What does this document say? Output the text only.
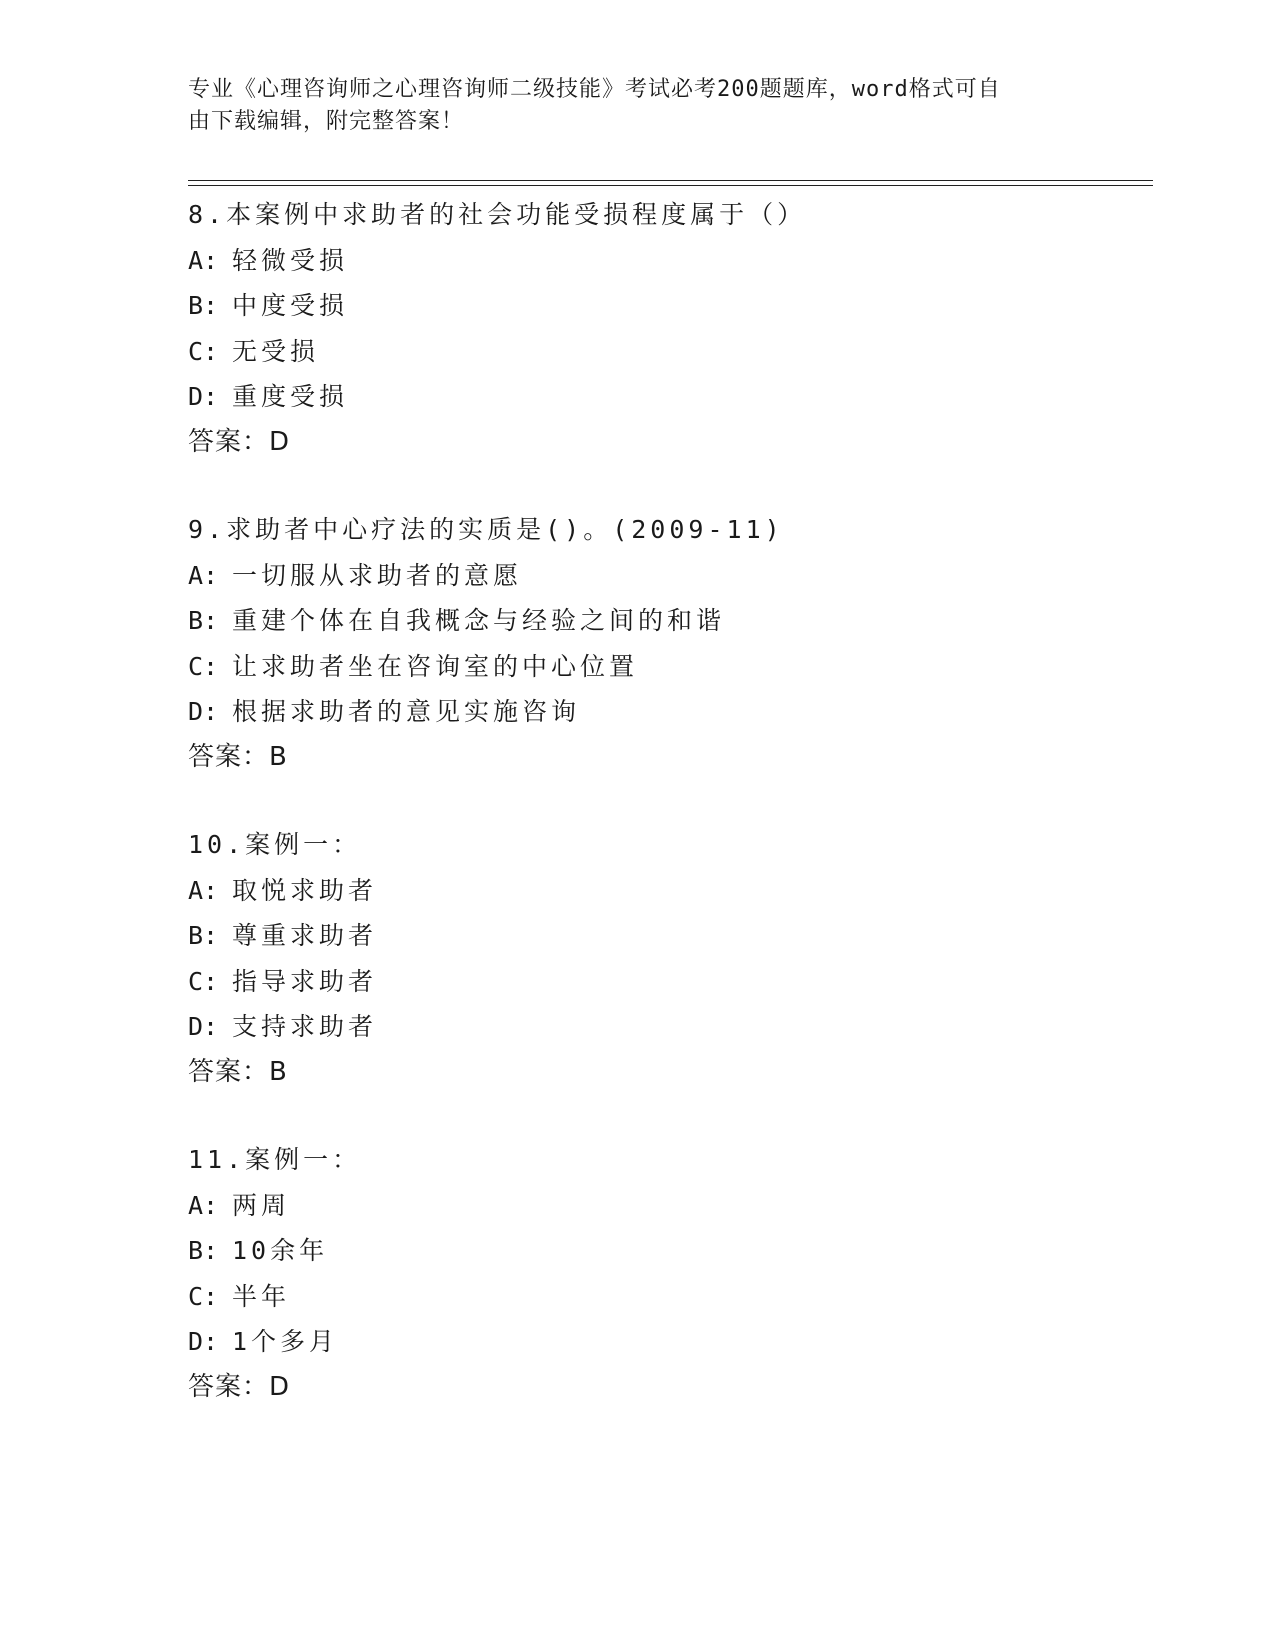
专业《心理咨询师之心理咨询师二级技能》考试必考200题题库，word格式可自
由下载编辑，附完整答案！
8.本案例中求助者的社会功能受损程度属于（）
A: 轻微受损
B: 中度受损
C: 无受损
D: 重度受损
答案：D
9.求助者中心疗法的实质是()。(2009-11)
A: 一切服从求助者的意愿
B: 重建个体在自我概念与经验之间的和谐
C: 让求助者坐在咨询室的中心位置
D: 根据求助者的意见实施咨询
答案：B
10.案例一：
A: 取悦求助者
B: 尊重求助者
C: 指导求助者
D: 支持求助者
答案：B
11.案例一：
A: 两周
B: 10余年
C: 半年
D: 1个多月
答案：D
